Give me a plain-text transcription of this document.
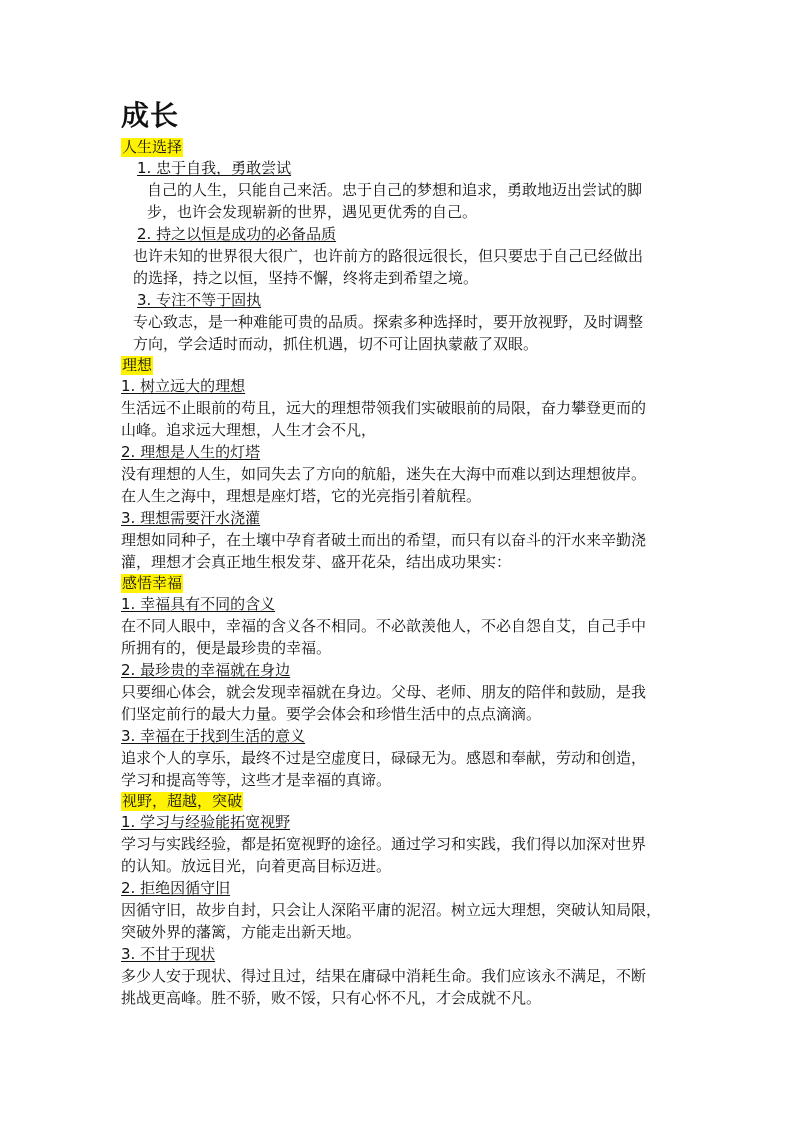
成长
人生选择
1. 忠于自我，勇敢尝试
自己的人生，只能自己来活。忠于自己的梦想和追求，勇敢地迈出尝试的脚
步，也许会发现崭新的世界，遇见更优秀的自己。
2. 持之以恒是成功的必备品质
也许未知的世界很大很广，也许前方的路很远很长，但只要忠于自己已经做出
的选择，持之以恒，坚持不懈，终将走到希望之境。
3. 专注不等于固执
专心致志，是一种难能可贵的品质。探索多种选择时，要开放视野，及时调整
方向，学会适时而动，抓住机遇，切不可让固执蒙蔽了双眼。
理想
1. 树立远大的理想
生活远不止眼前的苟且，远大的理想带领我们实破眼前的局限，奋力攀登更而的
山峰。追求远大理想，人生才会不凡，
2. 理想是人生的灯塔
没有理想的人生，如同失去了方向的航船，迷失在大海中而难以到达理想彼岸。
在人生之海中，理想是座灯塔，它的光亮指引着航程。
3. 理想需要汗水浇灌
理想如同种子，在土壤中孕育者破土而出的希望，而只有以奋斗的汗水来辛勤浇
灌，理想才会真正地生根发芽、盛开花朵，结出成功果实：
感悟幸福
1. 幸福具有不同的含义
在不同人眼中，幸福的含义各不相同。不必歆羡他人，不必自怨自艾，自己手中
所拥有的，便是最珍贵的幸福。
2. 最珍贵的幸福就在身边
只要细心体会，就会发现幸福就在身边。父母、老师、朋友的陪伴和鼓励，是我
们坚定前行的最大力量。要学会体会和珍惜生活中的点点滴滴。
3. 幸福在于找到生活的意义
追求个人的享乐，最终不过是空虚度日，碌碌无为。感恩和奉献，劳动和创造，
学习和提高等等，这些才是幸福的真谛。
视野，超越，突破
1. 学习与经验能拓宽视野
学习与实践经验，都是拓宽视野的途径。通过学习和实践，我们得以加深对世界
的认知。放远目光，向着更高目标迈进。
2. 拒绝因循守旧
因循守旧，故步自封，只会让人深陷平庸的泥沼。树立远大理想，突破认知局限，
突破外界的藩篱，方能走出新天地。
3. 不甘于现状
多少人安于现状、得过且过，结果在庸碌中消耗生命。我们应该永不满足，不断
挑战更高峰。胜不骄，败不馁，只有心怀不凡，才会成就不凡。
